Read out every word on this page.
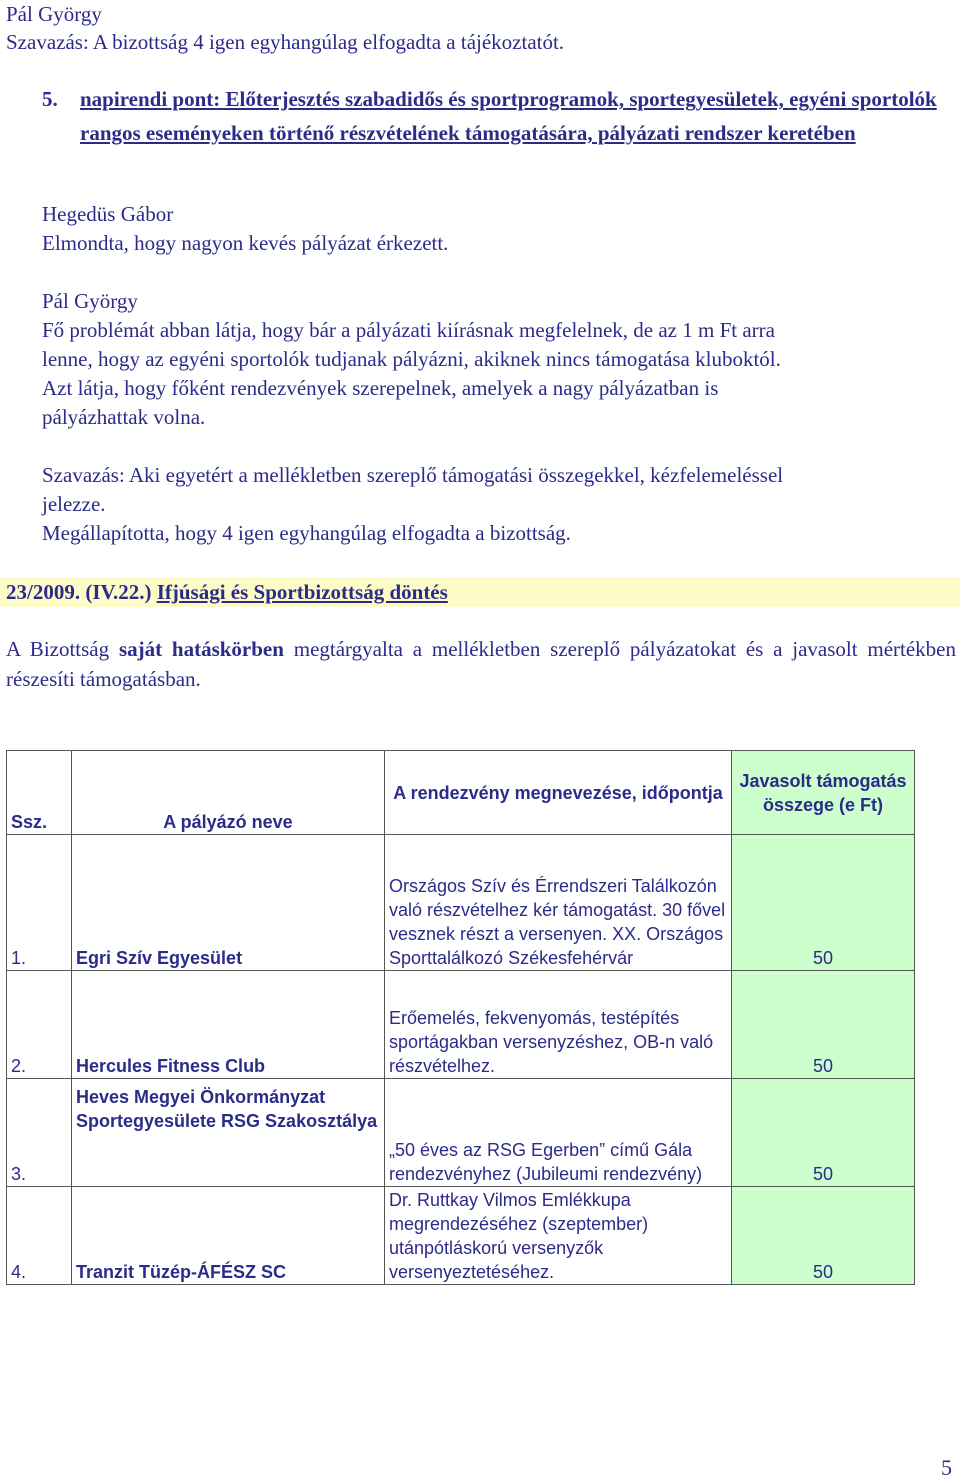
Pál György
Szavazás: A bizottság 4 igen egyhangúlag elfogadta a tájékoztatót.
5. napirendi pont: Előterjesztés szabadidős és sportprogramok, sportegyesületek, egyéni sportolók rangos eseményeken történő részvételének támogatására, pályázati rendszer keretében
Hegedüs Gábor
Elmondta, hogy nagyon kevés pályázat érkezett.
Pál György
Fő problémát abban látja, hogy bár a pályázati kiírásnak megfelelnek, de az 1 m Ft arra
lenne, hogy az egyéni sportolók tudjanak pályázni, akiknek nincs támogatása kluboktól.
Azt látja, hogy főként rendezvények szerepelnek, amelyek a nagy pályázatban is
pályázhattak volna.
Szavazás: Aki egyetért a mellékletben szereplő támogatási összegekkel, kézfelemeléssel
jelezze.
Megállapította, hogy 4 igen egyhangúlag elfogadta a bizottság.
23/2009. (IV.22.) Ifjúsági és Sportbizottság döntés
A Bizottság saját hatáskörben megtárgyalta a mellékletben szereplő pályázatokat és a javasolt mértékben részesíti támogatásban.
Ssz.	A pályázó neve	A rendezvény megnevezése, időpontja	Javasolt támogatás összege (e Ft)
1.	Egri Szív Egyesület	Országos Szív és Érrendszeri Találkozón való részvételhez kér támogatást. 30 fővel vesznek részt a versenyen. XX. Országos Sporttalálkozó Székesfehérvár	50
2.	Hercules Fitness Club	Erőemelés, fekvenyomás, testépítés sportágakban versenyzéshez, OB-n való részvételhez.	50
3.	Heves Megyei Önkormányzat Sportegyesülete RSG Szakosztálya	„50 éves az RSG Egerben” című Gála rendezvényhez (Jubileumi rendezvény)	50
4.	Tranzit Tüzép-ÁFÉSZ SC	Dr. Ruttkay Vilmos Emlékkupa megrendezéséhez (szeptember) utánpótláskorú versenyzők versenyeztetéséhez.	50
5
